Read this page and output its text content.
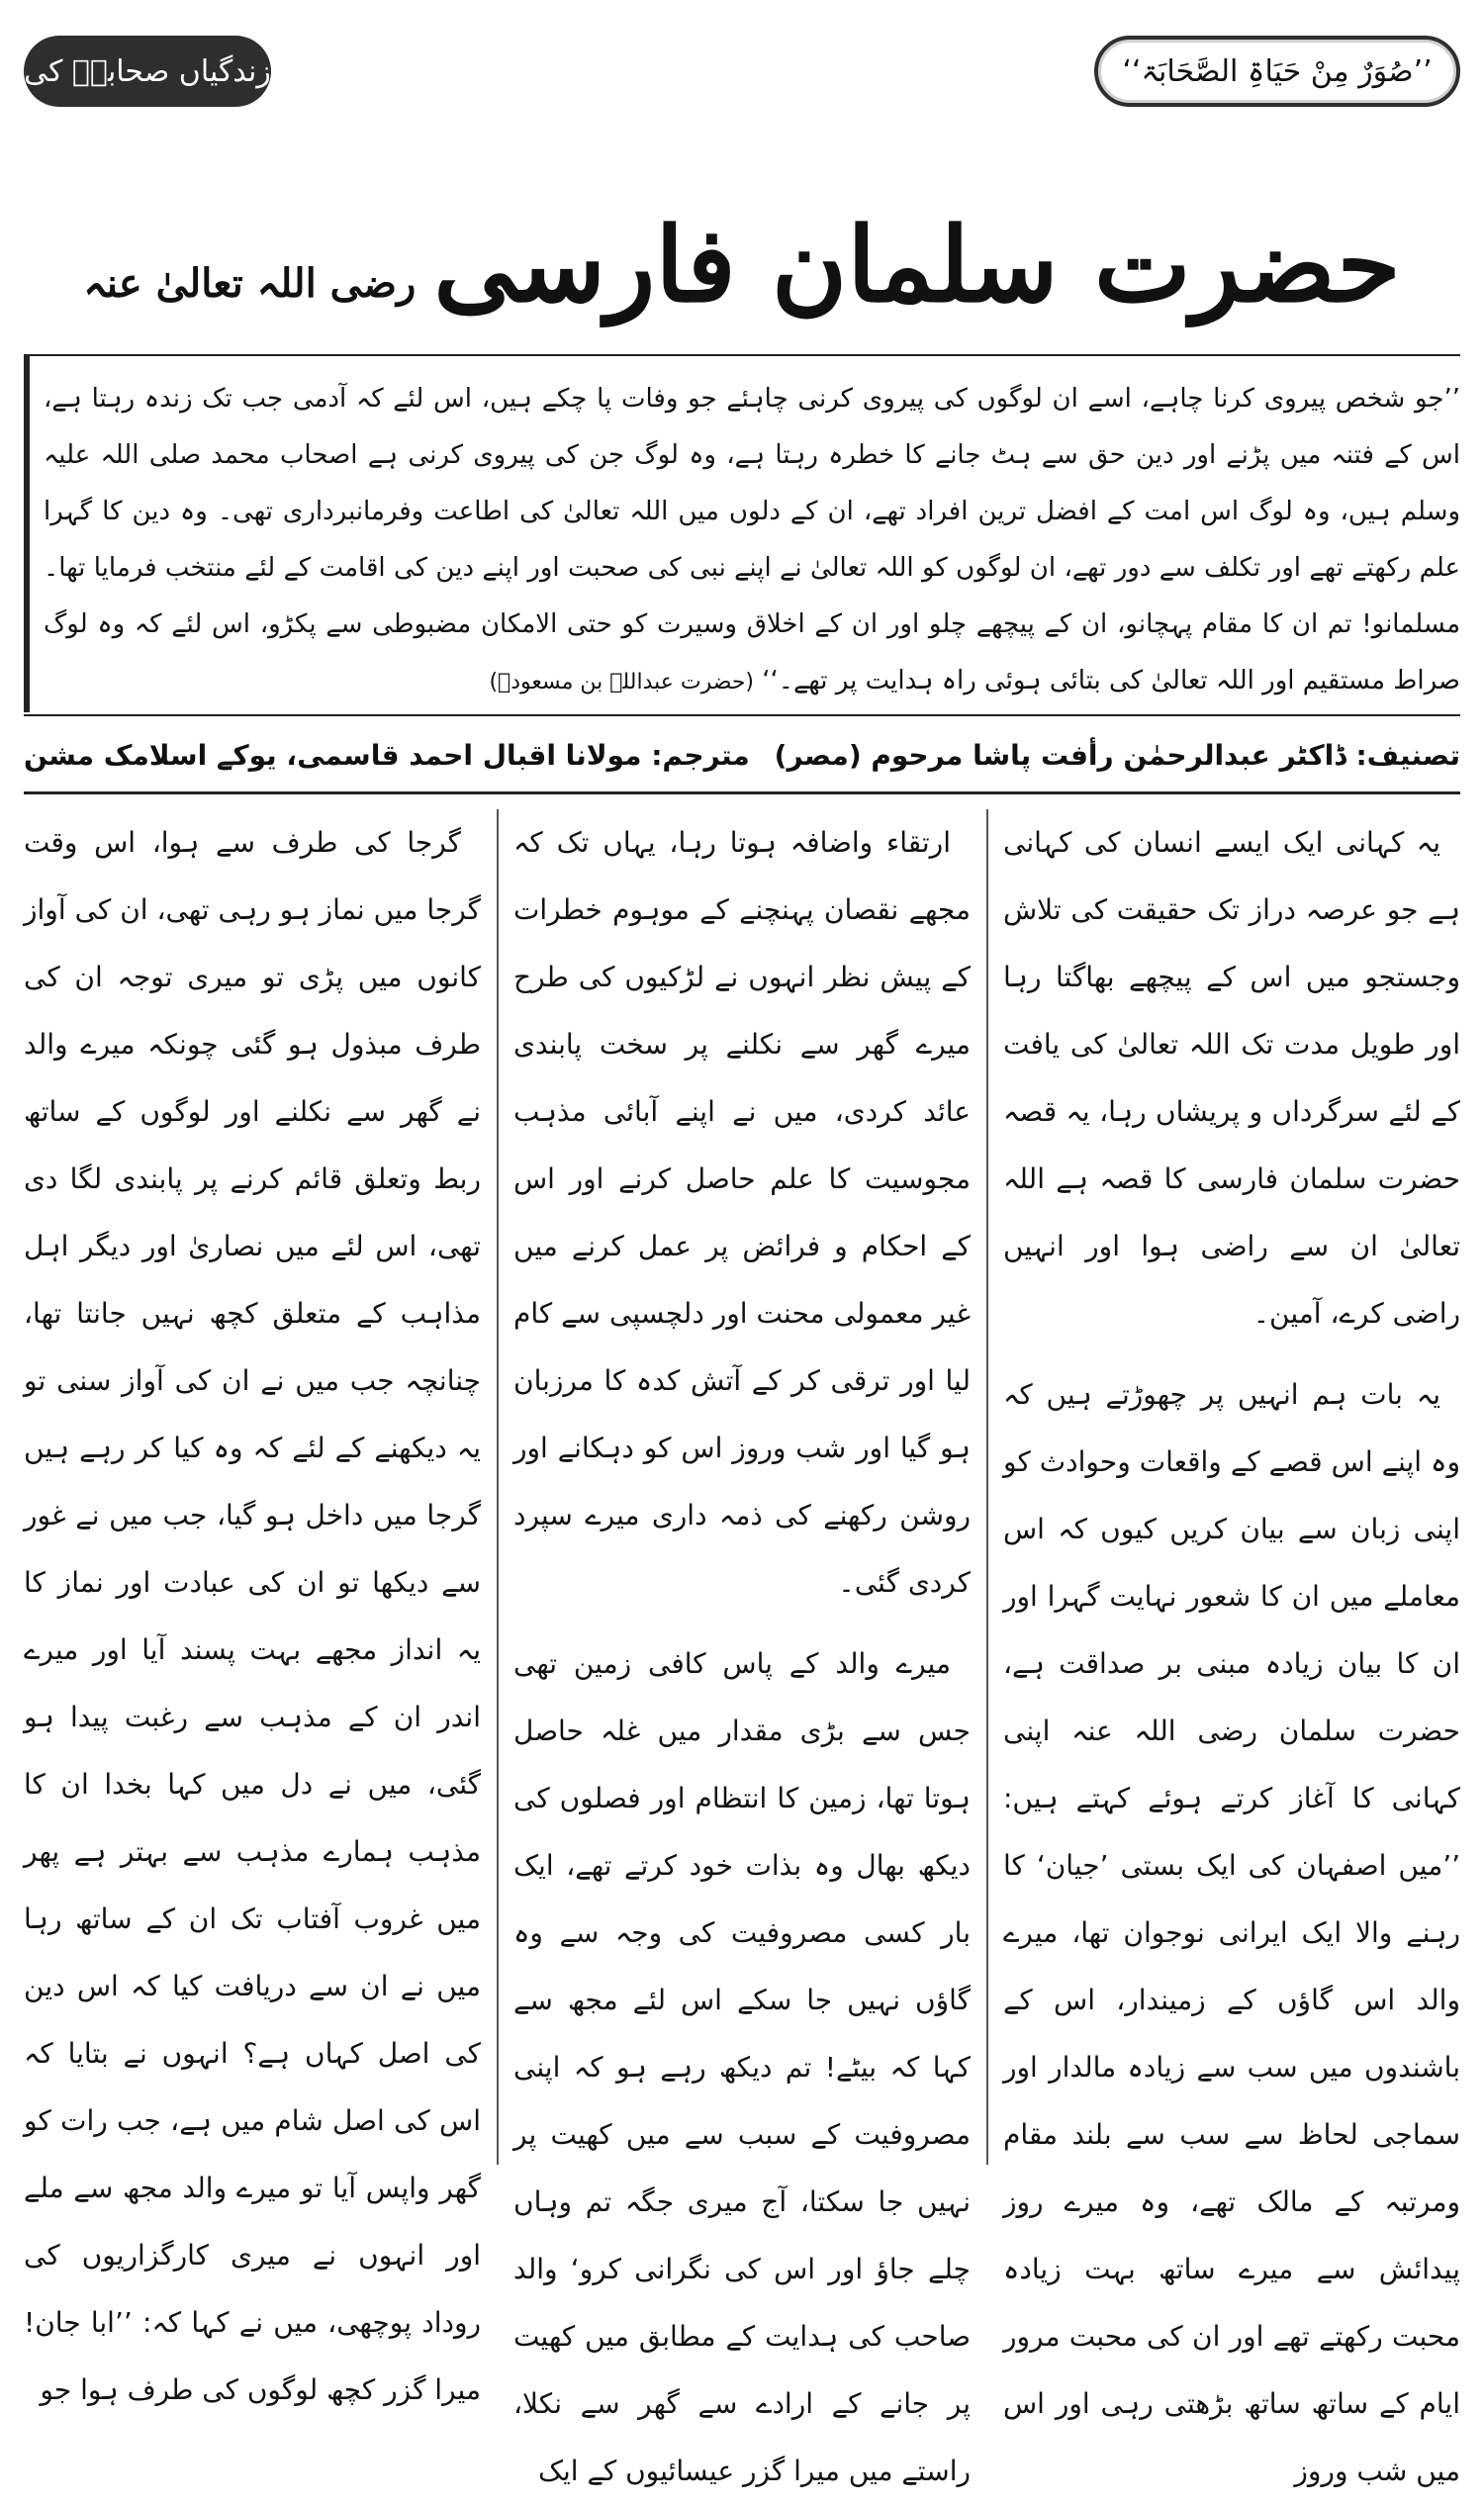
زندگیاں صحابہؓ کی	’’صُوَرٌ مِنْ حَیَاۃِ الصَّحَابَۃ‘‘
حضرت سلمان فارسی
رضی اللہ تعالیٰ عنہ
’’جو شخص پیروی کرنا چاہے، اسے ان لوگوں کی پیروی کرنی چاہئے جو وفات پا چکے ہیں، اس لئے کہ آدمی جب تک زندہ رہتا ہے، اس کے فتنہ میں پڑنے اور دین حق سے ہٹ جانے کا خطرہ رہتا ہے، وہ لوگ جن کی پیروی کرنی ہے اصحاب محمد صلی اللہ علیہ وسلم ہیں، وہ لوگ اس امت کے افضل ترین افراد تھے، ان کے دلوں میں اللہ تعالیٰ کی اطاعت وفرمانبرداری تھی۔ وہ دین کا گہرا علم رکھتے تھے اور تکلف سے دور تھے، ان لوگوں کو اللہ تعالیٰ نے اپنے نبی کی صحبت اور اپنے دین کی اقامت کے لئے منتخب فرمایا تھا۔ مسلمانو! تم ان کا مقام پہچانو، ان کے پیچھے چلو اور ان کے اخلاق وسیرت کو حتی الامکان مضبوطی سے پکڑو، اس لئے کہ وہ لوگ صراط مستقیم اور اللہ تعالیٰ کی بتائی ہوئی راہ ہدایت پر تھے۔‘‘ (حضرت عبداللہ بن مسعودؓ)
تصنیف: ڈاکٹر عبدالرحمٰن رأفت پاشا مرحوم (مصر)
مترجم: مولانا اقبال احمد قاسمی، یوکے اسلامک مشن

یہ کہانی ایک ایسے انسان کی کہانی ہے جو عرصہ دراز تک حقیقت کی تلاش وجستجو میں اس کے پیچھے بھاگتا رہا اور طویل مدت تک اللہ تعالیٰ کی یافت کے لئے سرگرداں و پریشاں رہا، یہ قصہ حضرت سلمان فارسی کا قصہ ہے اللہ تعالیٰ ان سے راضی ہوا اور انہیں راضی کرے، آمین۔

یہ بات ہم انہیں پر چھوڑتے ہیں کہ وہ اپنے اس قصے کے واقعات وحوادث کو اپنی زبان سے بیان کریں کیوں کہ اس معاملے میں ان کا شعور نہایت گہرا اور ان کا بیان زیادہ مبنی بر صداقت ہے، حضرت سلمان رضی اللہ عنہ اپنی کہانی کا آغاز کرتے ہوئے کہتے ہیں: ’’میں اصفہان کی ایک بستی ’جیان‘ کا رہنے والا ایک ایرانی نوجوان تھا، میرے والد اس گاؤں کے زمیندار، اس کے باشندوں میں سب سے زیادہ مالدار اور سماجی لحاظ سے سب سے بلند مقام ومرتبہ کے مالک تھے، وہ میرے روز پیدائش سے میرے ساتھ بہت زیادہ محبت رکھتے تھے اور ان کی محبت مرور ایام کے ساتھ ساتھ بڑھتی رہی اور اس میں شب وروز

ارتقاء واضافہ ہوتا رہا، یہاں تک کہ مجھے نقصان پہنچنے کے موہوم خطرات کے پیش نظر انہوں نے لڑکیوں کی طرح میرے گھر سے نکلنے پر سخت پابندی عائد کردی، میں نے اپنے آبائی مذہب مجوسیت کا علم حاصل کرنے اور اس کے احکام و فرائض پر عمل کرنے میں غیر معمولی محنت اور دلچسپی سے کام لیا اور ترقی کر کے آتش کدہ کا مرزبان ہو گیا اور شب وروز اس کو دہکانے اور روشن رکھنے کی ذمہ داری میرے سپرد کردی گئی۔

میرے والد کے پاس کافی زمین تھی جس سے بڑی مقدار میں غلہ حاصل ہوتا تھا، زمین کا انتظام اور فصلوں کی دیکھ بھال وہ بذات خود کرتے تھے، ایک بار کسی مصروفیت کی وجہ سے وہ گاؤں نہیں جا سکے اس لئے مجھ سے کہا کہ بیٹے! تم دیکھ رہے ہو کہ اپنی مصروفیت کے سبب سے میں کھیت پر نہیں جا سکتا، آج میری جگہ تم وہاں چلے جاؤ اور اس کی نگرانی کرو‘ والد صاحب کی ہدایت کے مطابق میں کھیت پر جانے کے ارادے سے گھر سے نکلا، راستے میں میرا گزر عیسائیوں کے ایک

گرجا کی طرف سے ہوا، اس وقت گرجا میں نماز ہو رہی تھی، ان کی آواز کانوں میں پڑی تو میری توجہ ان کی طرف مبذول ہو گئی چونکہ میرے والد نے گھر سے نکلنے اور لوگوں کے ساتھ ربط وتعلق قائم کرنے پر پابندی لگا دی تھی، اس لئے میں نصاریٰ اور دیگر اہل مذاہب کے متعلق کچھ نہیں جانتا تھا، چنانچہ جب میں نے ان کی آواز سنی تو یہ دیکھنے کے لئے کہ وہ کیا کر رہے ہیں گرجا میں داخل ہو گیا، جب میں نے غور سے دیکھا تو ان کی عبادت اور نماز کا یہ انداز مجھے بہت پسند آیا اور میرے اندر ان کے مذہب سے رغبت پیدا ہو گئی، میں نے دل میں کہا بخدا ان کا مذہب ہمارے مذہب سے بہتر ہے پھر میں غروب آفتاب تک ان کے ساتھ رہا میں نے ان سے دریافت کیا کہ اس دین کی اصل کہاں ہے؟ انہوں نے بتایا کہ اس کی اصل شام میں ہے، جب رات کو گھر واپس آیا تو میرے والد مجھ سے ملے اور انہوں نے میری کارگزاریوں کی روداد پوچھی، میں نے کہا کہ: ’’ابا جان! میرا گزر کچھ لوگوں کی طرف ہوا جو
